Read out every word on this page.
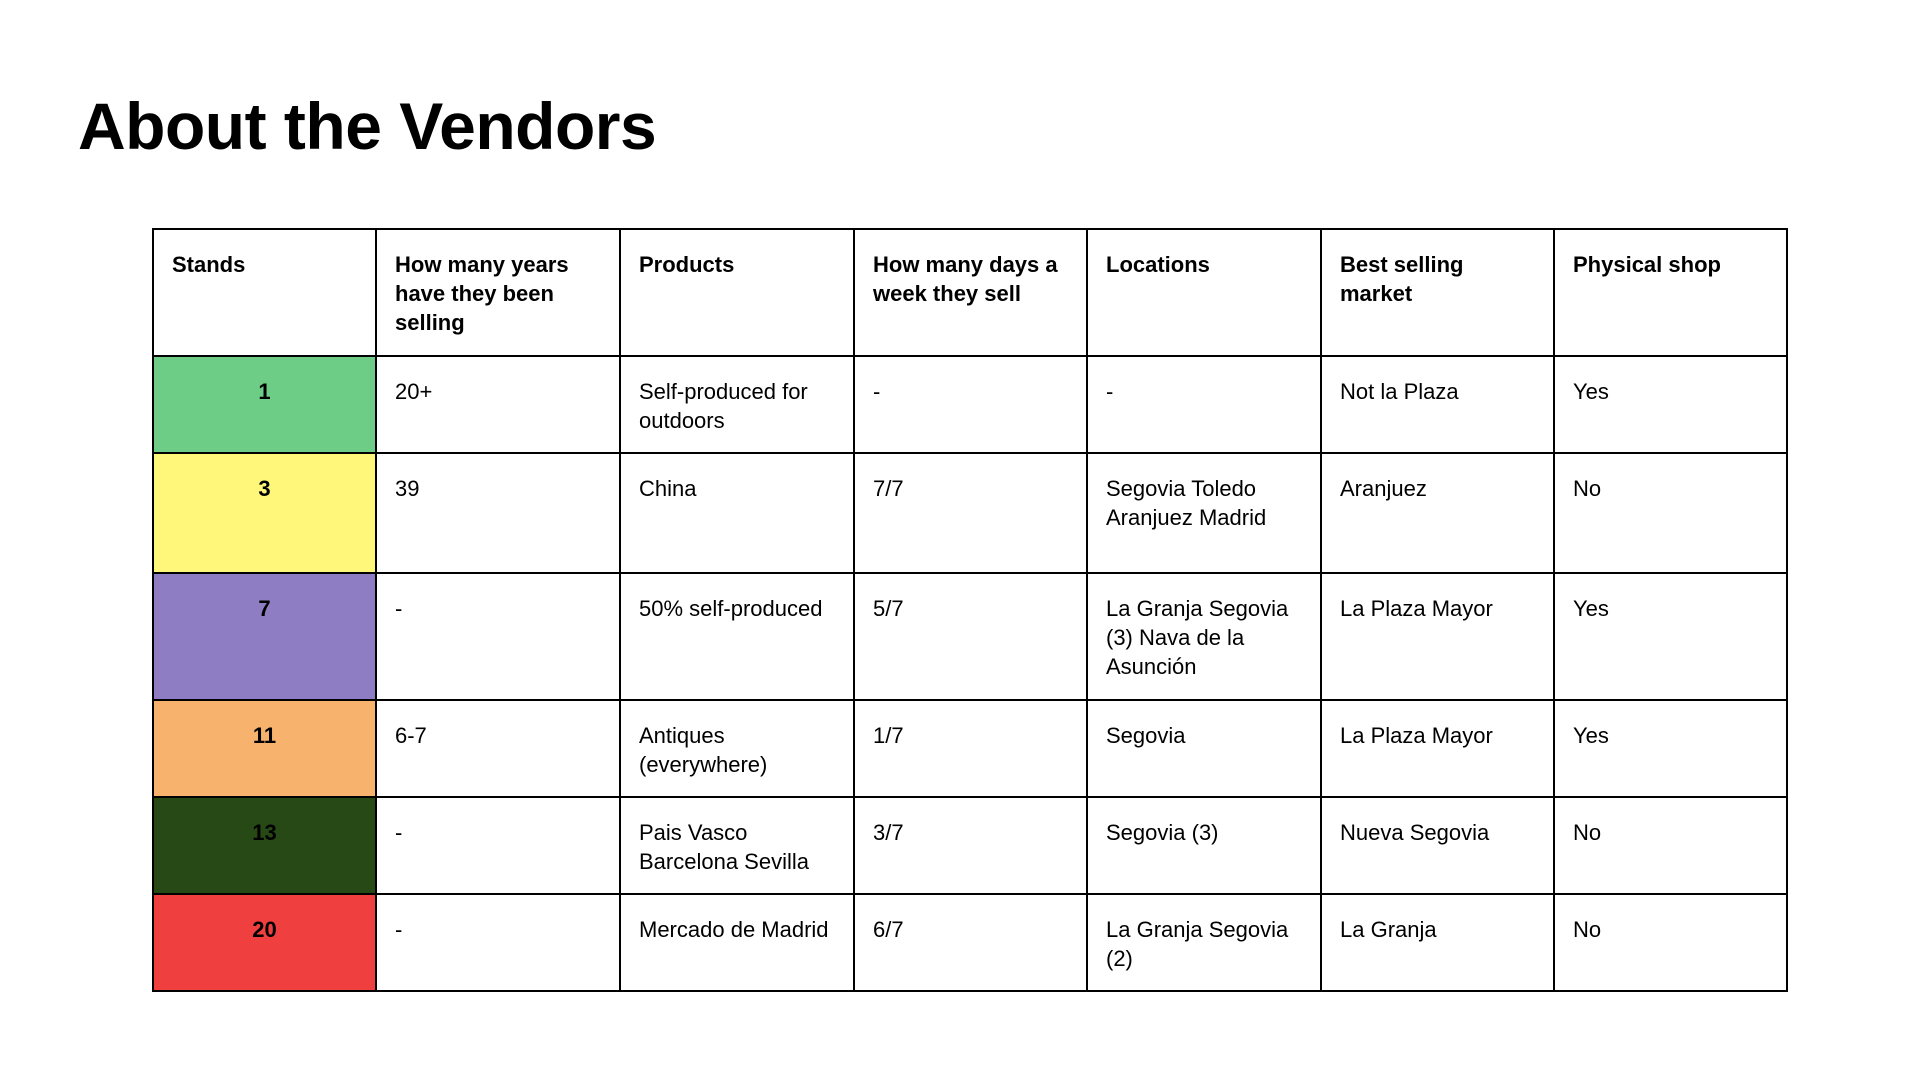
About the Vendors
Stands	How many years have they been selling	Products	How many days a week they sell	Locations	Best selling market	Physical shop
1	20+	Self-produced for outdoors	-	-	Not la Plaza	Yes
3	39	China	7/7	Segovia Toledo Aranjuez Madrid	Aranjuez	No
7	-	50% self-produced	5/7	La Granja Segovia (3) Nava de la Asunción	La Plaza Mayor	Yes
11	6-7	Antiques (everywhere)	1/7	Segovia	La Plaza Mayor	Yes
13	-	Pais Vasco Barcelona Sevilla	3/7	Segovia (3)	Nueva Segovia	No
20	-	Mercado de Madrid	6/7	La Granja Segovia (2)	La Granja	No
